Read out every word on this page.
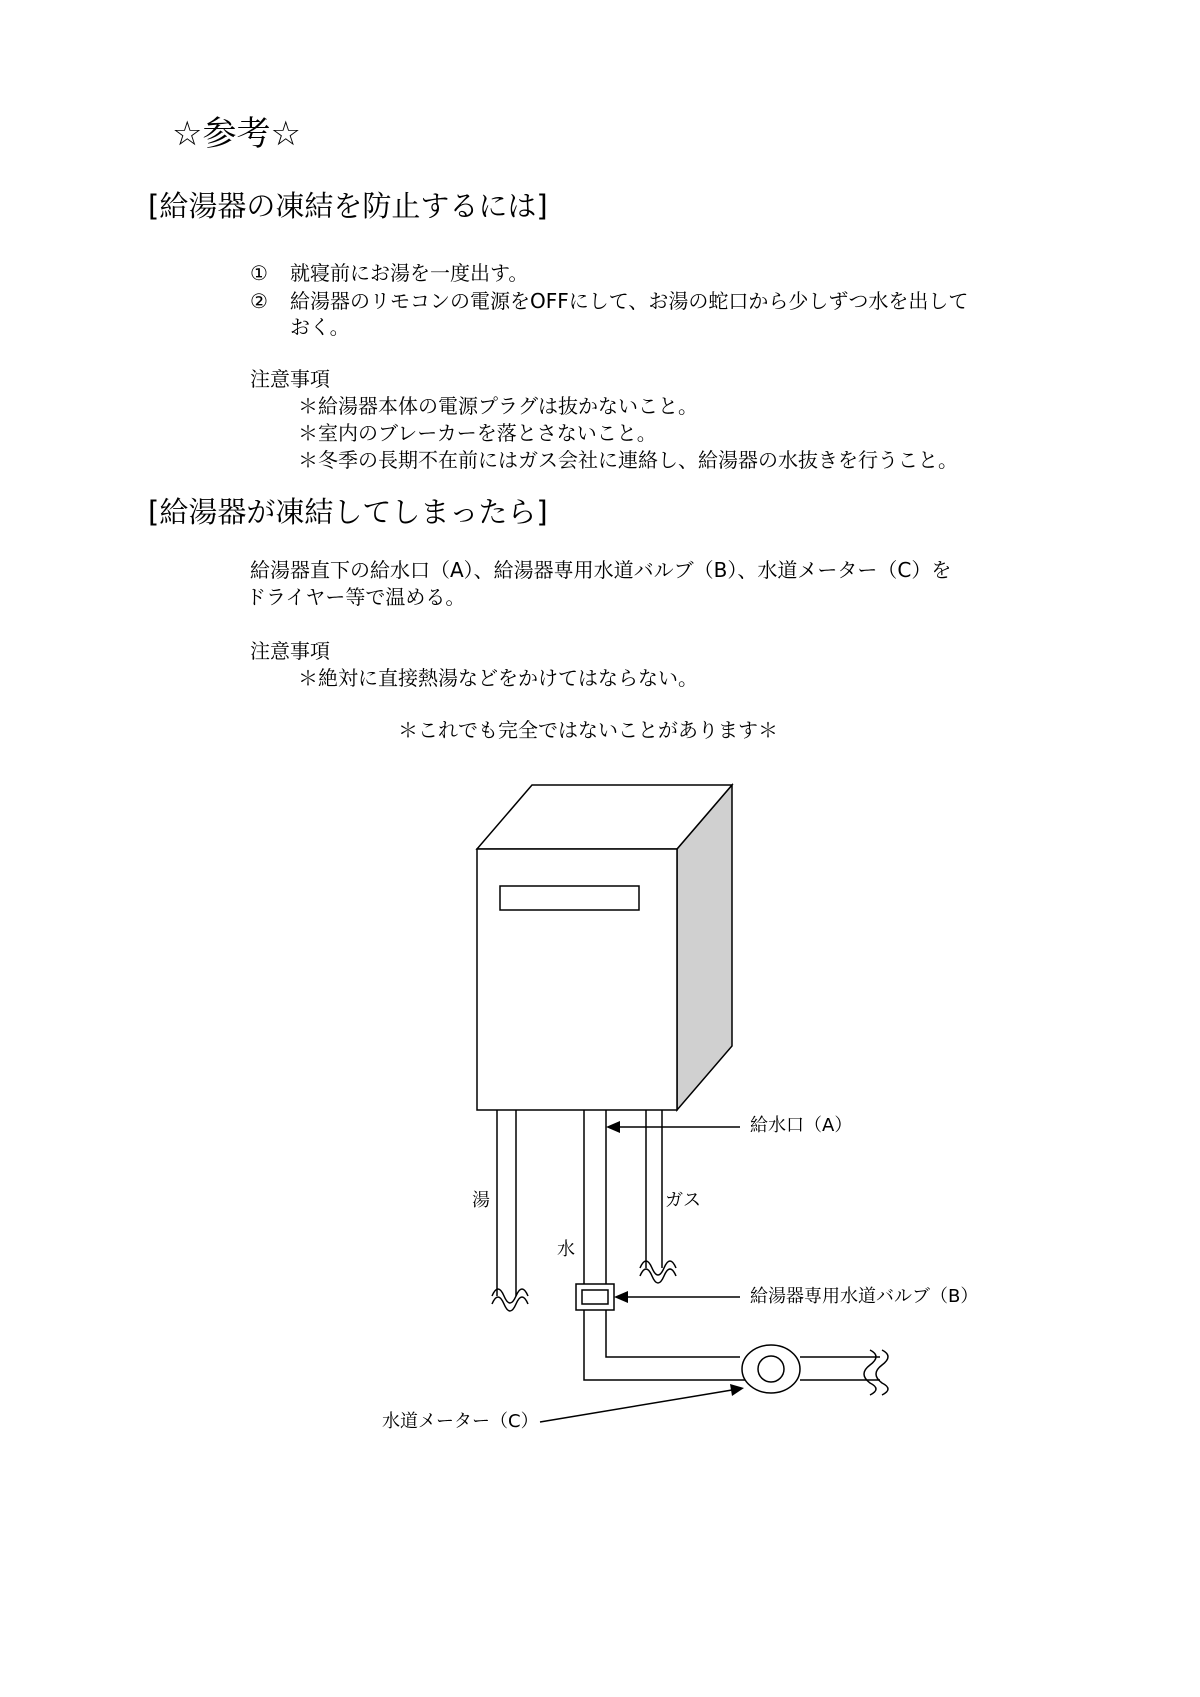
☆参考☆
[給湯器の凍結を防止するには]
① 就寝前にお湯を一度出す。
② 給湯器のリモコンの電源をOFFにして、お湯の蛇口から少しずつ水を出して
おく。
注意事項
＊給湯器本体の電源プラグは抜かないこと。
＊室内のブレーカーを落とさないこと。
＊冬季の長期不在前にはガス会社に連絡し、給湯器の水抜きを行うこと。
[給湯器が凍結してしまったら]
給湯器直下の給水口（A）、給湯器専用水道バルブ（B）、水道メーター（C）を
ドライヤー等で温める。
注意事項
＊絶対に直接熱湯などをかけてはならない。
＊これでも完全ではないことがあります＊
給水口（A）
湯	ガス
水
給湯器専用水道バルブ（B）
水道メーター（C）
